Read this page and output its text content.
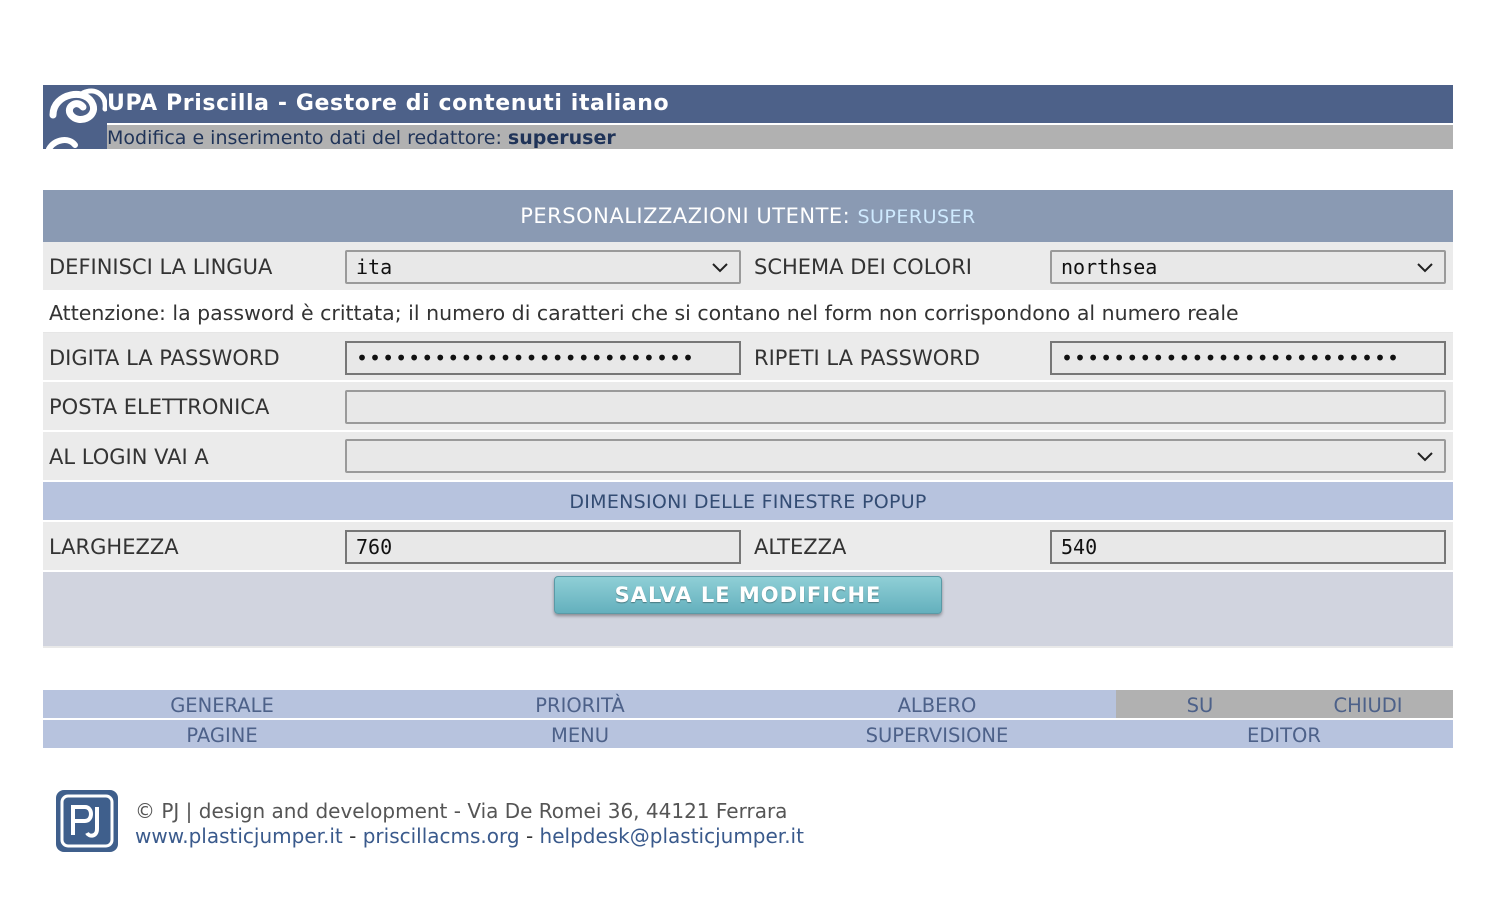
UPA Priscilla - Gestore di contenuti italiano
Modifica e inserimento dati del redattore: superuser
PERSONALIZZAZIONI UTENTE: SUPERUSER
DEFINISCI LA LINGUA	ita	SCHEMA DEI COLORI	northsea
Attenzione: la password è crittata; il numero di caratteri che si contano nel form non corrispondono al numero reale
DIGITA LA PASSWORD	••••••••••••••••••••••••••	RIPETI LA PASSWORD	••••••••••••••••••••••••••
POSTA ELETTRONICA
AL LOGIN VAI A
DIMENSIONI DELLE FINESTRE POPUP
LARGHEZZA	760	ALTEZZA	540
SALVA LE MODIFICHE
GENERALE	PRIORITÀ	ALBERO	SU	CHIUDI
PAGINE	MENU	SUPERVISIONE	EDITOR
© PJ | design and development - Via De Romei 36, 44121 Ferrara
www.plasticjumper.it - priscillacms.org - helpdesk@plasticjumper.it
